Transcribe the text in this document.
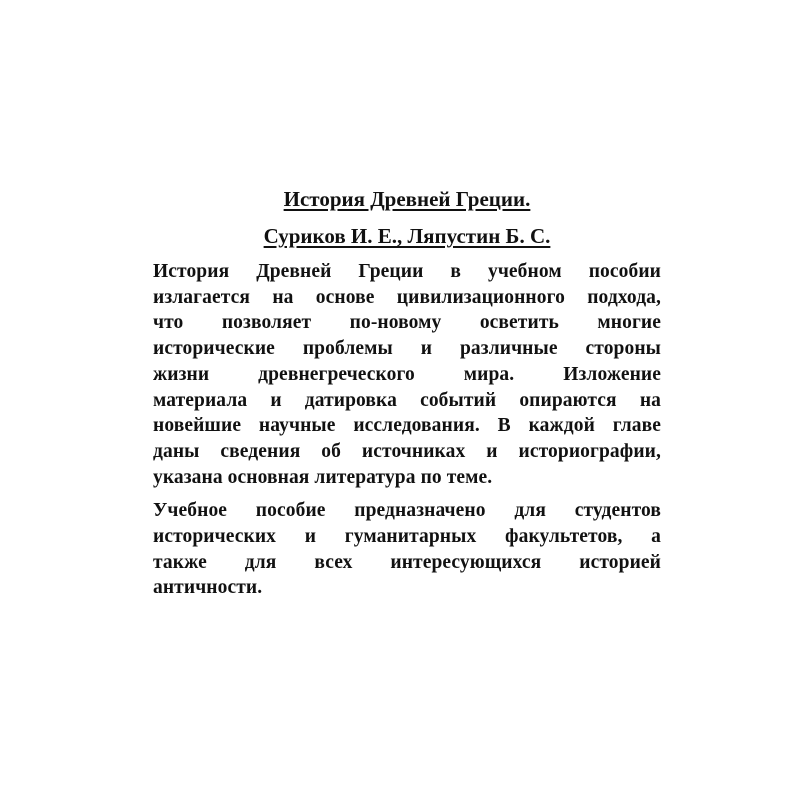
История Древней Греции.

Суриков И. Е., Ляпустин Б. С.

История Древней Греции в учебном пособии
излагается на основе цивилизационного подхода,
что позволяет по-новому осветить многие
исторические проблемы и различные стороны
жизни древнегреческого мира. Изложение
материала и датировка событий опираются на
новейшие научные исследования. В каждой главе
даны сведения об источниках и историографии,
указана основная литература по теме.

Учебное пособие предназначено для студентов
исторических и гуманитарных факультетов, а
также для всех интересующихся историей
античности.
